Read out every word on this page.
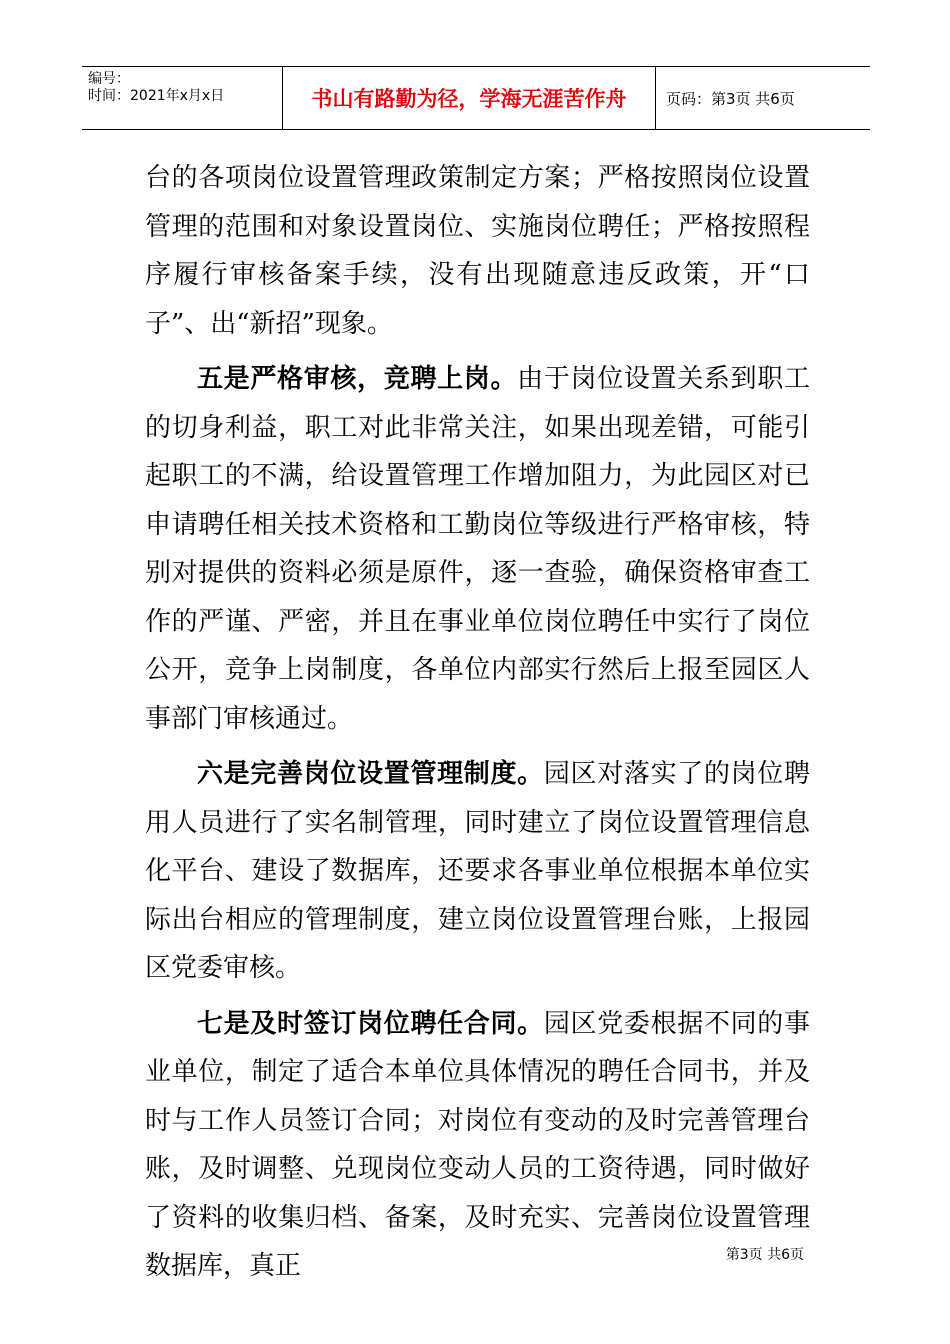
编号：
时间：2021年x月x日	书山有路勤为径，学海无涯苦作舟	页码：第3页 共6页

台的各项岗位设置管理政策制定方案；严格按照岗位设置管理的范围和对象设置岗位、实施岗位聘任；严格按照程序履行审核备案手续，没有出现随意违反政策，开“口子”、出“新招”现象。

五是严格审核，竞聘上岗。由于岗位设置关系到职工的切身利益，职工对此非常关注，如果出现差错，可能引起职工的不满，给设置管理工作增加阻力，为此园区对已申请聘任相关技术资格和工勤岗位等级进行严格审核，特别对提供的资料必须是原件，逐一查验，确保资格审查工作的严谨、严密，并且在事业单位岗位聘任中实行了岗位公开，竞争上岗制度，各单位内部实行然后上报至园区人事部门审核通过。

六是完善岗位设置管理制度。园区对落实了的岗位聘用人员进行了实名制管理，同时建立了岗位设置管理信息化平台、建设了数据库，还要求各事业单位根据本单位实际出台相应的管理制度，建立岗位设置管理台账，上报园区党委审核。

七是及时签订岗位聘任合同。园区党委根据不同的事业单位，制定了适合本单位具体情况的聘任合同书，并及时与工作人员签订合同；对岗位有变动的及时完善管理台账，及时调整、兑现岗位变动人员的工资待遇，同时做好了资料的收集归档、备案，及时充实、完善岗位设置管理数据库，真正	第3页 共6页
